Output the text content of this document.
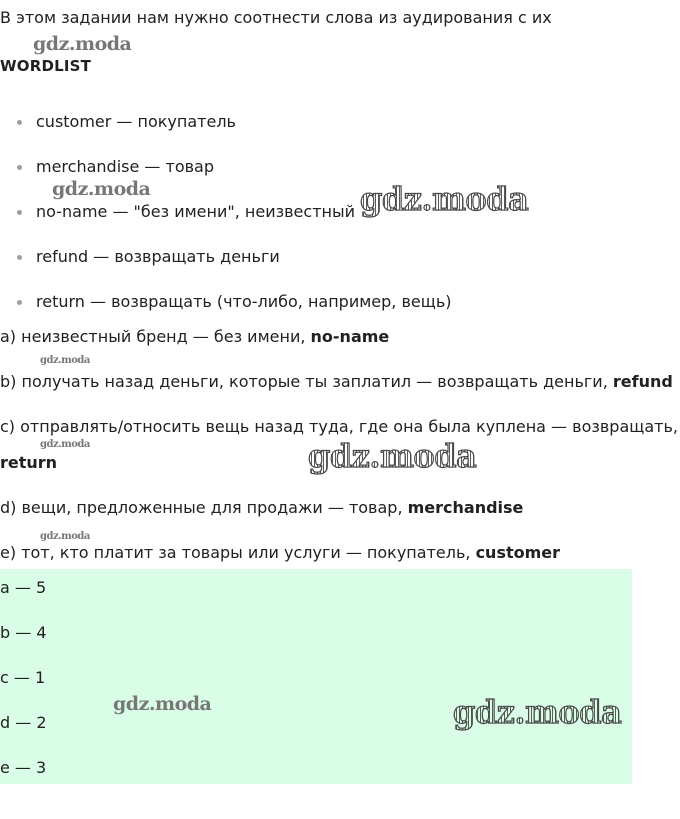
В этом задании нам нужно соотнести слова из аудирования с их
WORDLIST
customer — покупатель
merchandise — товар
no-name — "без имени", неизвестный
refund — возвращать деньги
return — возвращать (что-либо, например, вещь)
a) неизвестный бренд — без имени, no-name
b) получать назад деньги, которые ты заплатил — возвращать деньги, refund
c) отправлять/относить вещь назад туда, где она была куплена — возвращать,
return
d) вещи, предложенные для продажи — товар, merchandise
e) тот, кто платит за товары или услуги — покупатель, customer
a — 5
b — 4
c — 1
d — 2
e — 3
gdz.moda
gdz.moda	gdz.moda
gdz.moda
gdz.moda	gdz.moda
gdz.moda
gdz.moda	gdz.moda
